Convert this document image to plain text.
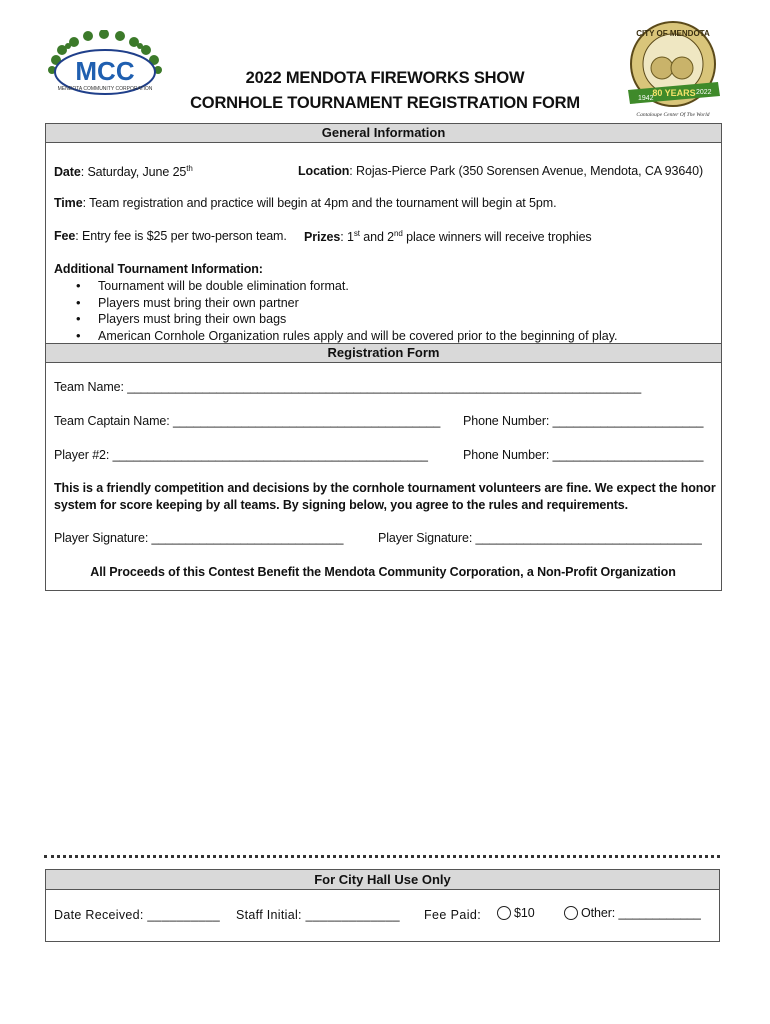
MCC
MENDOTA COMMUNITY CORPORATION
CITY OF MENDOTA
1942
80 YEARS 2022
Cantaloupe Center Of The World
2022 MENDOTA FIREWORKS SHOW
CORNHOLE TOURNAMENT REGISTRATION FORM
General Information
Date: Saturday, June 25th	Location: Rojas-Pierce Park (350 Sorensen Avenue, Mendota, CA 93640)
Time: Team registration and practice will begin at 4pm and the tournament will begin at 5pm.
Fee: Entry fee is $25 per two-person team. Prizes: 1st and 2nd place winners will receive trophies
Additional Tournament Information:
• Tournament will be double elimination format.
• Players must bring their own partner
• Players must bring their own bags
• American Cornhole Organization rules apply and will be covered prior to the beginning of play.
Registration Form
Team Name: ___________________________________________________________________________
Team Captain Name: _______________________________________ Phone Number: ______________________
Player #2: ______________________________________________	Phone Number: ______________________
This is a friendly competition and decisions by the cornhole tournament volunteers are fine. We expect the honor
system for score keeping by all teams. By signing below, you agree to the rules and requirements.
Player Signature: ____________________________	Player Signature: _________________________________
All Proceeds of this Contest Benefit the Mendota Community Corporation, a Non-Profit Organization
For City Hall Use Only
Date Received: __________ Staff Initial: _____________ Fee Paid:	$10	Other: ____________
